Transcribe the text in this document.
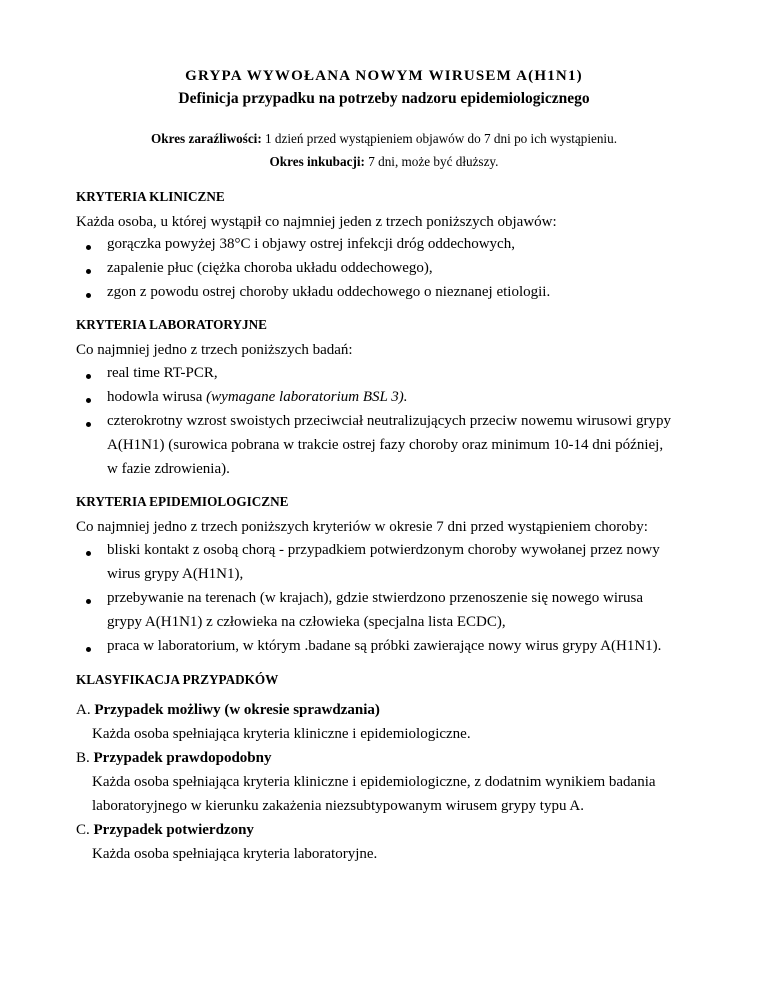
GRYPA WYWOŁANA NOWYM WIRUSEM A(H1N1)
Definicja przypadku na potrzeby nadzoru epidemiologicznego
Okres zaraźliwości: 1 dzień przed wystąpieniem objawów do 7 dni po ich wystąpieniu.
Okres inkubacji: 7 dni, może być dłuższy.
KRYTERIA KLINICZNE
Każda osoba, u której wystąpił co najmniej jeden z trzech poniższych objawów:
gorączka powyżej 38°C i objawy ostrej infekcji dróg oddechowych,
zapalenie płuc (ciężka choroba układu oddechowego),
zgon z powodu ostrej choroby układu oddechowego o nieznanej etiologii.
KRYTERIA LABORATORYJNE
Co najmniej jedno z trzech poniższych badań:
real time RT-PCR,
hodowla wirusa (wymagane laboratorium BSL 3).
czterokrotny wzrost swoistych przeciwciał neutralizujących przeciw nowemu wirusowi grypy
A(H1N1) (surowica pobrana w trakcie ostrej fazy choroby oraz minimum 10-14 dni później,
w fazie zdrowienia).
KRYTERIA EPIDEMIOLOGICZNE
Co najmniej jedno z trzech poniższych kryteriów w okresie 7 dni przed wystąpieniem choroby:
bliski kontakt z osobą chorą - przypadkiem potwierdzonym choroby wywołanej przez nowy
wirus grypy A(H1N1),
przebywanie na terenach (w krajach), gdzie stwierdzono przenoszenie się nowego wirusa
grypy A(H1N1) z człowieka na człowieka (specjalna lista ECDC),
praca w laboratorium, w którym .badane są próbki zawierające nowy wirus grypy A(H1N1).
KLASYFIKACJA PRZYPADKÓW
A. Przypadek możliwy (w okresie sprawdzania)
Każda osoba spełniająca kryteria kliniczne i epidemiologiczne.
B. Przypadek prawdopodobny
Każda osoba spełniająca kryteria kliniczne i epidemiologiczne, z dodatnim wynikiem badania
laboratoryjnego w kierunku zakażenia niezsubtypowanym wirusem grypy typu A.
C. Przypadek potwierdzony
Każda osoba spełniająca kryteria laboratoryjne.
